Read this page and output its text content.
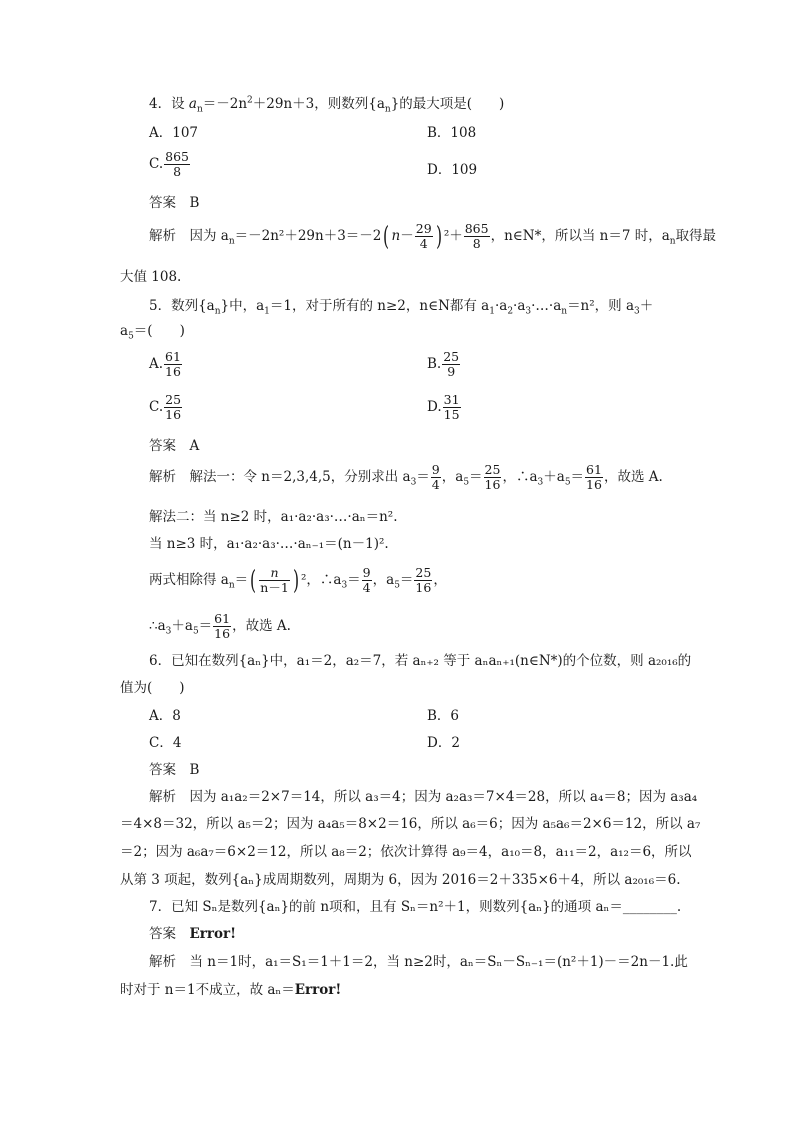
4．设 $a_n=-2n^2+29n+3$，则数列$\{a_n\}$的最大项是(　　)
A．107	B．108
C. $\frac{865}{8}$	D．109
答案　B
解析　因为 $a_n=-2n^2+29n+3=-2$( $n- \frac{29}{4}$ ) $^2+ \frac{865}{8}$ ，n∈N*，所以当 n＝7 时，$a_n$取得最
大值 108.
5．数列$\{a_n\}$中，$a_1=1$，对于所有的 n≥2，n∈N都有 $a_1\cdot a_2\cdot a_3\cdot\dots\cdot a_n=n^2$，则 $a_3+$
$a_5=$(　　)
A. $\frac{61}{16}$	B. $\frac{25}{9}$
C. $\frac{25}{16}$	D. $\frac{31}{15}$
答案　A
解析　解法一：令 n＝2,3,4,5，分别求出 $a_3= \frac{9}{4}$ ，$a_5= \frac{25}{16}$ ，$\therefore a_3+a_5= \frac{61}{16}$ ，故选 A.
解法二：当 n≥2 时，a₁·a₂·a₃·…·aₙ＝n².
当 n≥3 时，a₁·a₂·a₃·…·aₙ₋₁＝(n－1)².
两式相除得 $a_n=( \frac{n}{n-1}$ ) ²，$\therefore a_3= \frac{9}{4}$ ，$a_5= \frac{25}{16}$ ，
$\therefore a_3+a_5= \frac{61}{16}$ ，故选 A.
6．已知在数列{aₙ}中，a₁＝2，a₂＝7，若 aₙ₊₂ 等于 aₙaₙ₊₁(n∈N*)的个位数，则 a₂₀₁₆的
值为(　　)
A．8	B．6
C．4	D．2
答案　B
解析　因为 a₁a₂＝2×7＝14，所以 a₃＝4；因为 a₂a₃＝7×4＝28，所以 a₄＝8；因为 a₃a₄
＝4×8＝32，所以 a₅＝2；因为 a₄a₅＝8×2＝16，所以 a₆＝6；因为 a₅a₆＝2×6＝12，所以 a₇
＝2；因为 a₆a₇＝6×2＝12，所以 a₈＝2；依次计算得 a₉＝4，a₁₀＝8，a₁₁＝2，a₁₂＝6，所以
从第 3 项起，数列{aₙ}成周期数列，周期为 6，因为 2016＝2＋335×6＋4，所以 a₂₀₁₆＝6.
7．已知 Sₙ是数列{aₙ}的前 n项和，且有 Sₙ＝n²＋1，则数列{aₙ}的通项 aₙ＝________.
答案　Error!
解析　当 n＝1时，a₁＝S₁＝1＋1＝2，当 n≥2时，aₙ＝Sₙ－Sₙ₋₁＝(n²＋1)－＝2n－1.此
时对于 n＝1不成立，故 aₙ＝Error!
